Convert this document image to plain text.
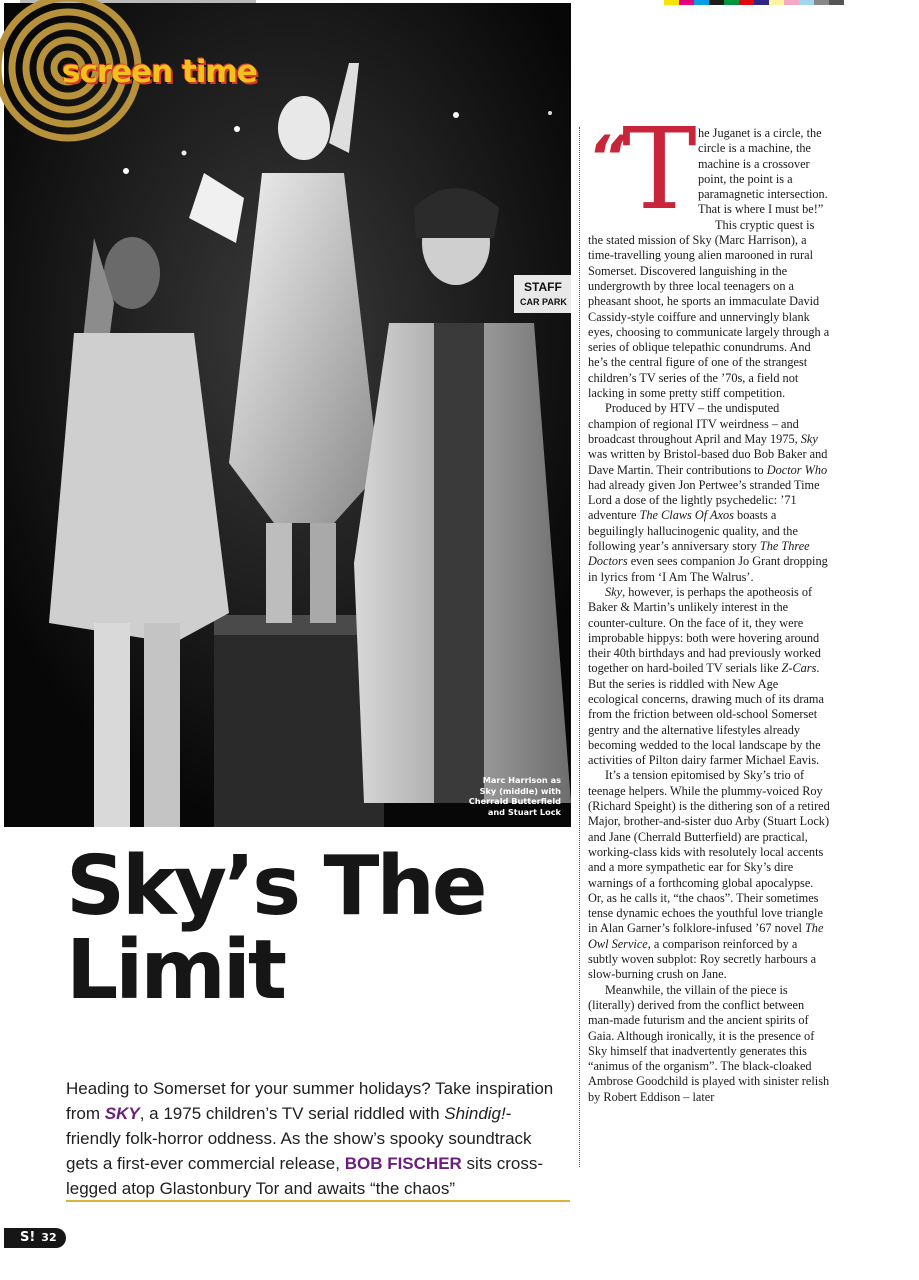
STAFF
CAR PARK
Marc Harrison as
Sky (middle) with
Cherrald Butterfield
and Stuart Lock
screen time
Sky’s The
Limit
Heading to Somerset for your summer holidays? Take inspiration from SKY, a 1975 children’s TV serial riddled with Shindig!-friendly folk-horror oddness. As the show’s spooky soundtrack gets a first-ever commercial release, BOB FISCHER sits cross-legged atop Glastonbury Tor and awaits “the chaos”

“
T he Juganet is a circle, the circle is a machine, the machine is a crossover point, the point is a paramagnetic intersection. That is where I must be!”

This cryptic quest is the stated mission of Sky (Marc Harrison), a time-travelling young alien marooned in rural Somerset. Discovered languishing in the undergrowth by three local teenagers on a pheasant shoot, he sports an immaculate David Cassidy-style coiffure and unnervingly blank eyes, choosing to communicate largely through a series of oblique telepathic conundrums. And he’s the central figure of one of the strangest children’s TV series of the ’70s, a field not lacking in some pretty stiff competition.

Produced by HTV – the undisputed champion of regional ITV weirdness – and broadcast throughout April and May 1975, Sky was written by Bristol-based duo Bob Baker and Dave Martin. Their contributions to Doctor Who had already given Jon Pertwee’s stranded Time Lord a dose of the lightly psychedelic: ’71 adventure The Claws Of Axos boasts a beguilingly hallucinogenic quality, and the following year’s anniversary story The Three Doctors even sees companion Jo Grant dropping in lyrics from ‘I Am The Walrus’.

Sky, however, is perhaps the apotheosis of Baker & Martin’s unlikely interest in the counter-culture. On the face of it, they were improbable hippys: both were hovering around their 40th birthdays and had previously worked together on hard-boiled TV serials like Z-Cars. But the series is riddled with New Age ecological concerns, drawing much of its drama from the friction between old-school Somerset gentry and the alternative lifestyles already becoming wedded to the local landscape by the activities of Pilton dairy farmer Michael Eavis.

It’s a tension epitomised by Sky’s trio of teenage helpers. While the plummy-voiced Roy (Richard Speight) is the dithering son of a retired Major, brother-and-sister duo Arby (Stuart Lock) and Jane (Cherrald Butterfield) are practical, working-class kids with resolutely local accents and a more sympathetic ear for Sky’s dire warnings of a forthcoming global apocalypse. Or, as he calls it, “the chaos”. Their sometimes tense dynamic echoes the youthful love triangle in Alan Garner’s folklore-infused ’67 novel The Owl Service, a comparison reinforced by a subtly woven subplot: Roy secretly harbours a slow-burning crush on Jane.

Meanwhile, the villain of the piece is (literally) derived from the conflict between man-made futurism and the ancient spirits of Gaia. Although ironically, it is the presence of Sky himself that inadvertently generates this “animus of the organism”. The black-cloaked Ambrose Goodchild is played with sinister relish by Robert Eddison – later

S! 32
